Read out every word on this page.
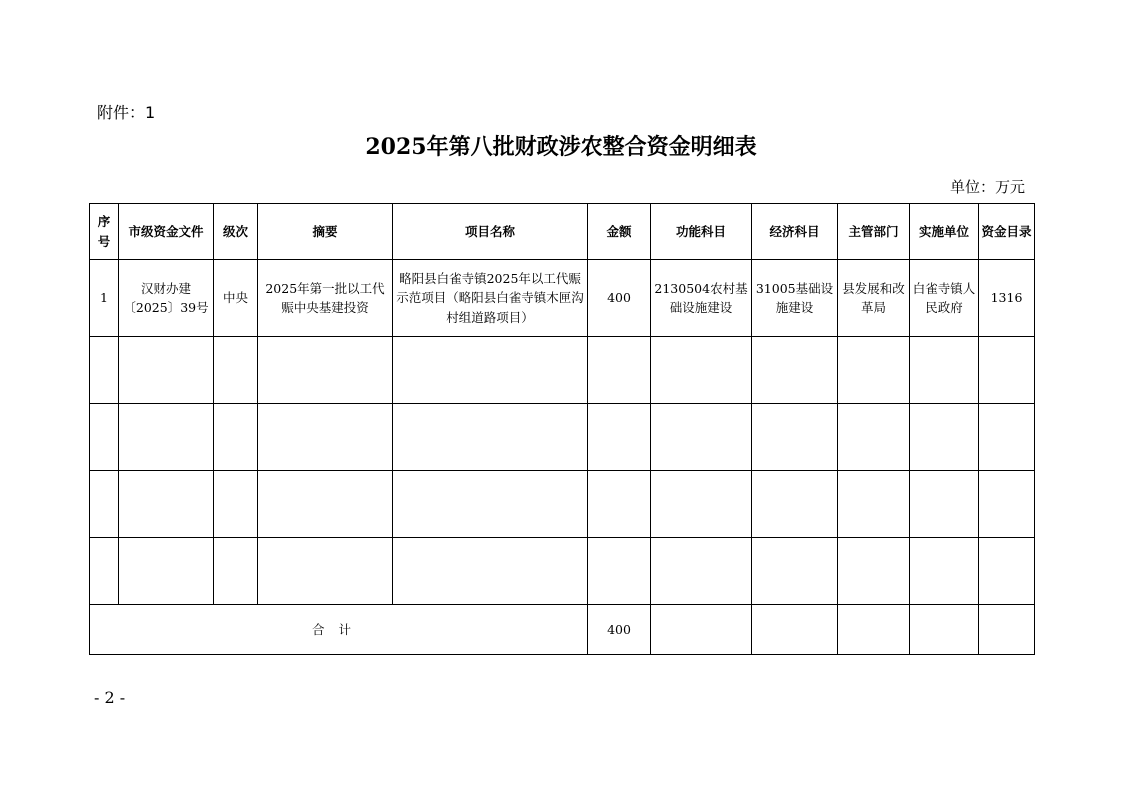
附件：1
2025年第八批财政涉农整合资金明细表
单位：万元
序号	市级资金文件	级次	摘要	项目名称	金额	功能科目	经济科目	主管部门	实施单位	资金目录
1	汉财办建〔2025〕39号	中央	2025年第一批以工代赈中央基建投资	略阳县白雀寺镇2025年以工代赈示范项目（略阳县白雀寺镇木匣沟村组道路项目）	400	2130504农村基础设施建设	31005基础设施建设	县发展和改革局	白雀寺镇人民政府	1316

合计					400					
- 2 -
